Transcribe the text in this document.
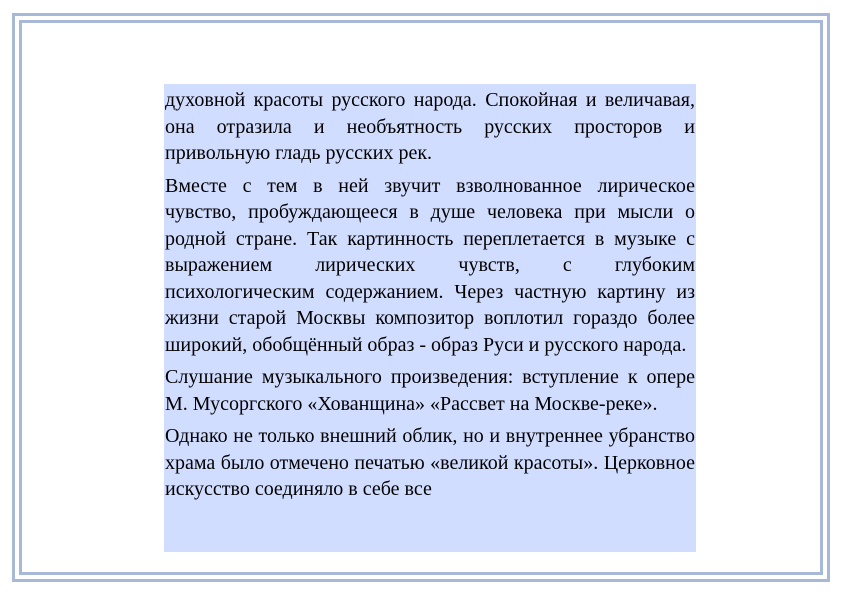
духовной красоты русского народа. Спокойная и величавая, она отразила и необъятность русских просторов и привольную гладь русских рек.

Вместе с тем в ней звучит взволнованное лирическое чувство, пробуждающееся в душе человека при мысли о родной стране. Так картинность переплетается в музыке с выражением лирических чувств, с глубоким психологическим содержанием. Через частную картину из жизни старой Москвы композитор воплотил гораздо более широкий, обобщённый образ - образ Руси и русского народа.

Слушание музыкального произведения: вступление к опере М. Мусоргского «Хованщина» «Рассвет на Москве-реке».

Однако не только внешний облик, но и внутреннее убранство храма было отмечено печатью «великой красоты». Церковное искусство соединяло в себе все
